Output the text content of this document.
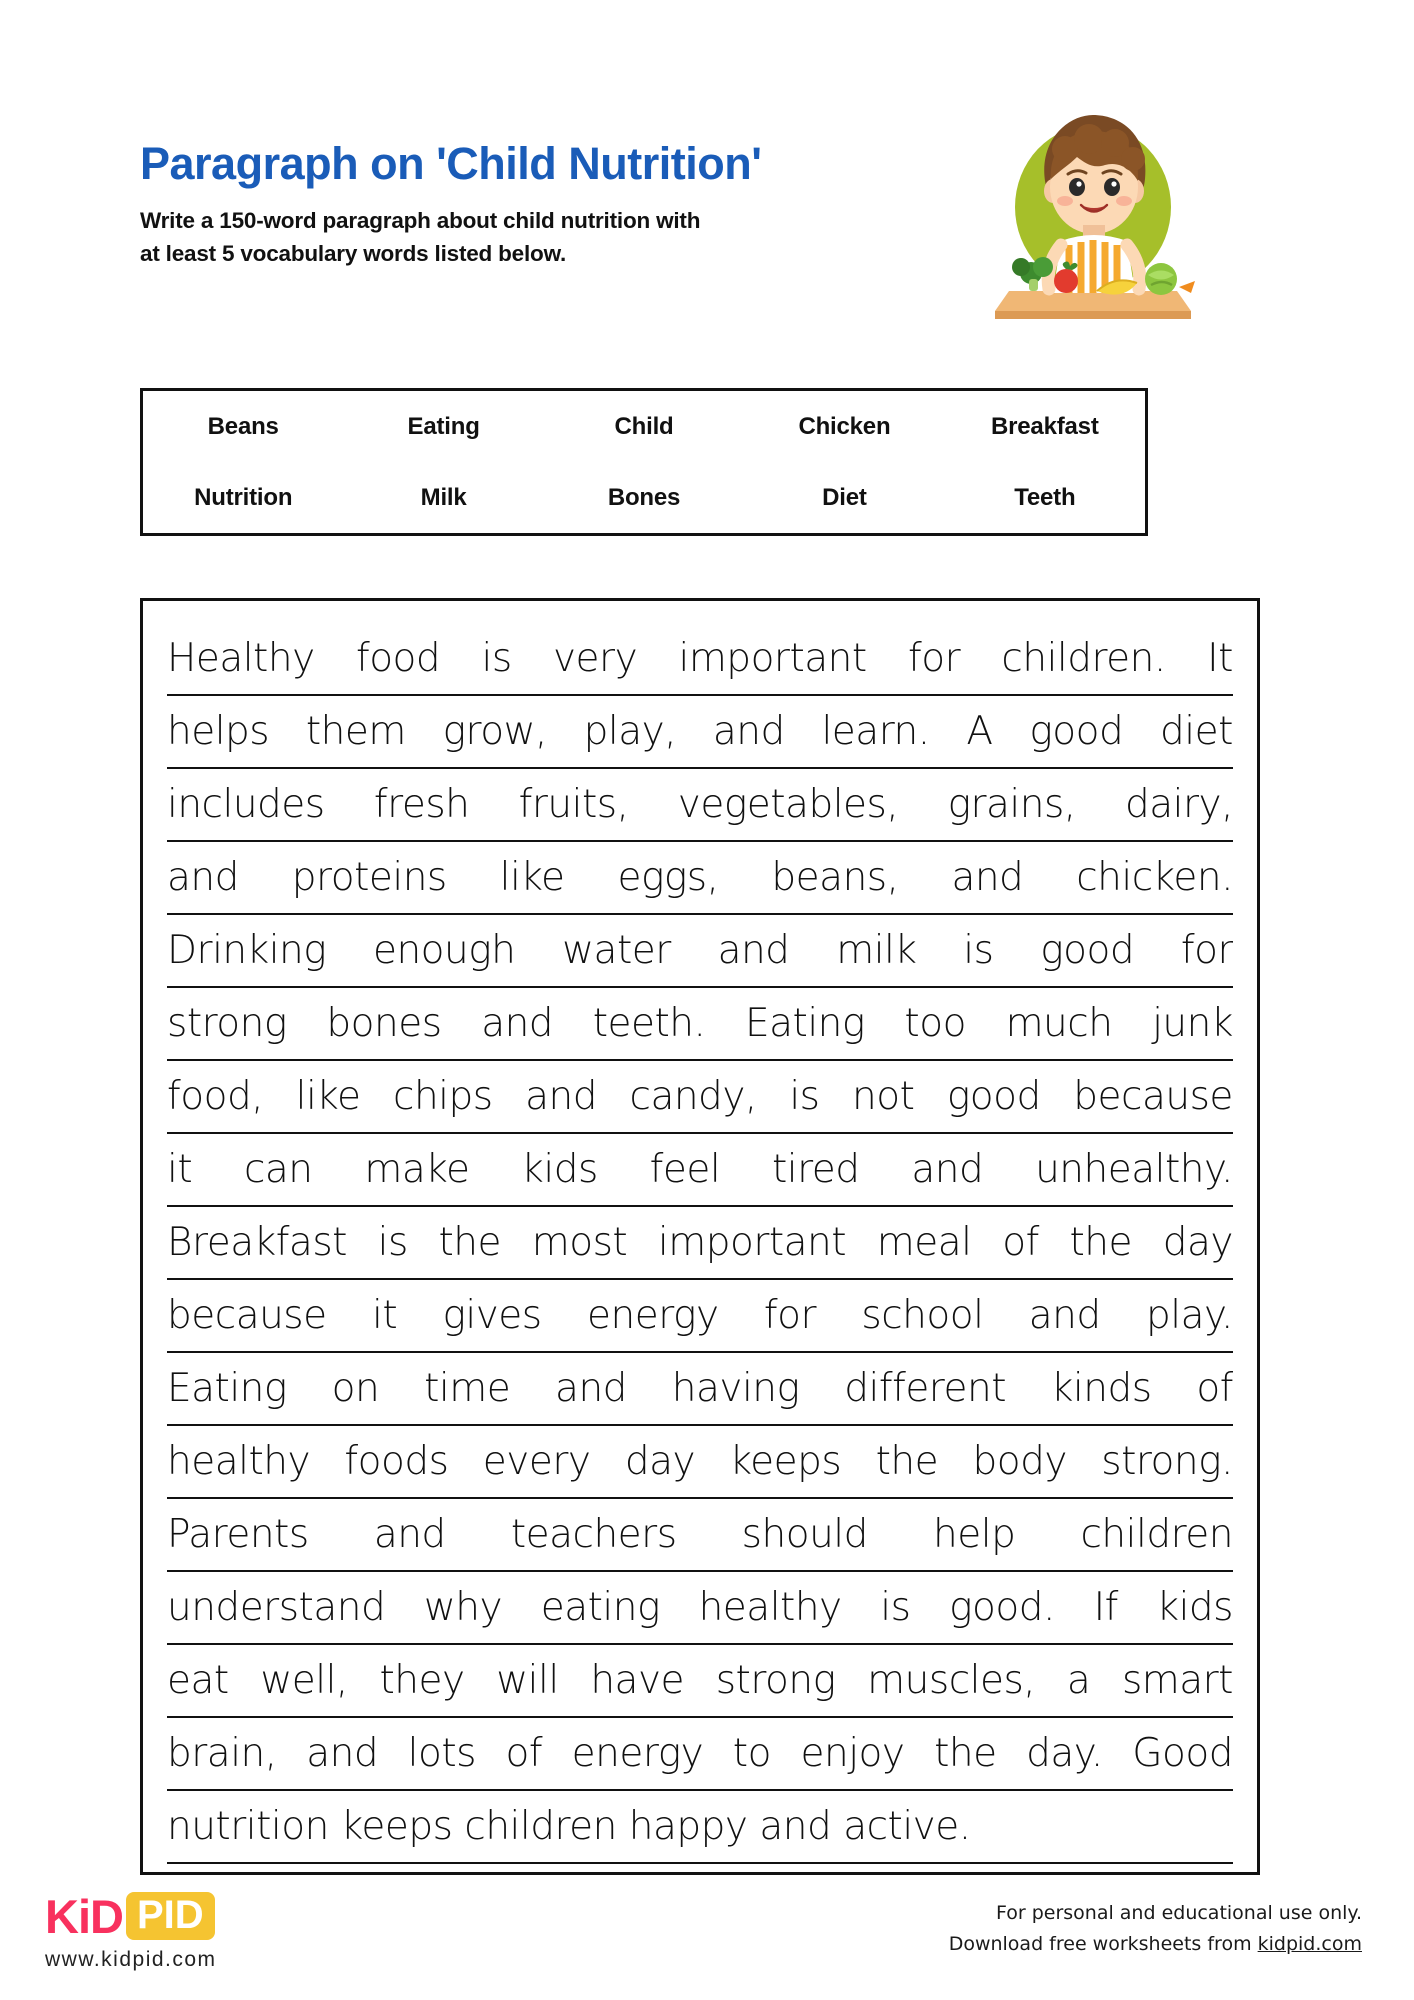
Paragraph on 'Child Nutrition'

Write a 150-word paragraph about child nutrition with
at least 5 vocabulary words listed below.

Beans	Eating	Child	Chicken	Breakfast
Nutrition	Milk	Bones	Diet	Teeth
Healthy food is very important for children. It
helps them grow, play, and learn. A good diet
includes fresh fruits, vegetables, grains, dairy,
and proteins like eggs, beans, and chicken.
Drinking enough water and milk is good for
strong bones and teeth. Eating too much junk
food, like chips and candy, is not good because
it can make kids feel tired and unhealthy.
Breakfast is the most important meal of the day
because it gives energy for school and play.
Eating on time and having different kinds of
healthy foods every day keeps the body strong.
Parents and teachers should help children
understand why eating healthy is good. If kids
eat well, they will have strong muscles, a smart
brain, and lots of energy to enjoy the day. Good
nutrition
keeps
children
happy
and
active.
KiD PID
www.kidpid.com
For personal and educational use only.
Download free worksheets from kidpid.com
